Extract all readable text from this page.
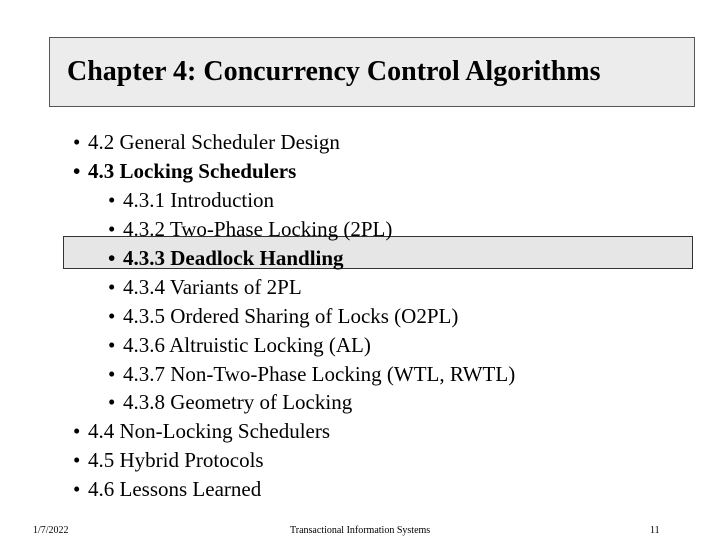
Chapter 4: Concurrency Control Algorithms
• 4.2 General Scheduler Design
• 4.3 Locking Schedulers
• 4.3.1 Introduction
• 4.3.2 Two-Phase Locking (2PL)
• 4.3.3 Deadlock Handling
• 4.3.4 Variants of 2PL
• 4.3.5 Ordered Sharing of Locks (O2PL)
• 4.3.6 Altruistic Locking (AL)
• 4.3.7 Non-Two-Phase Locking (WTL, RWTL)
• 4.3.8 Geometry of Locking
• 4.4 Non-Locking Schedulers
• 4.5 Hybrid Protocols
• 4.6 Lessons Learned
1/7/2022	Transactional Information Systems	11
